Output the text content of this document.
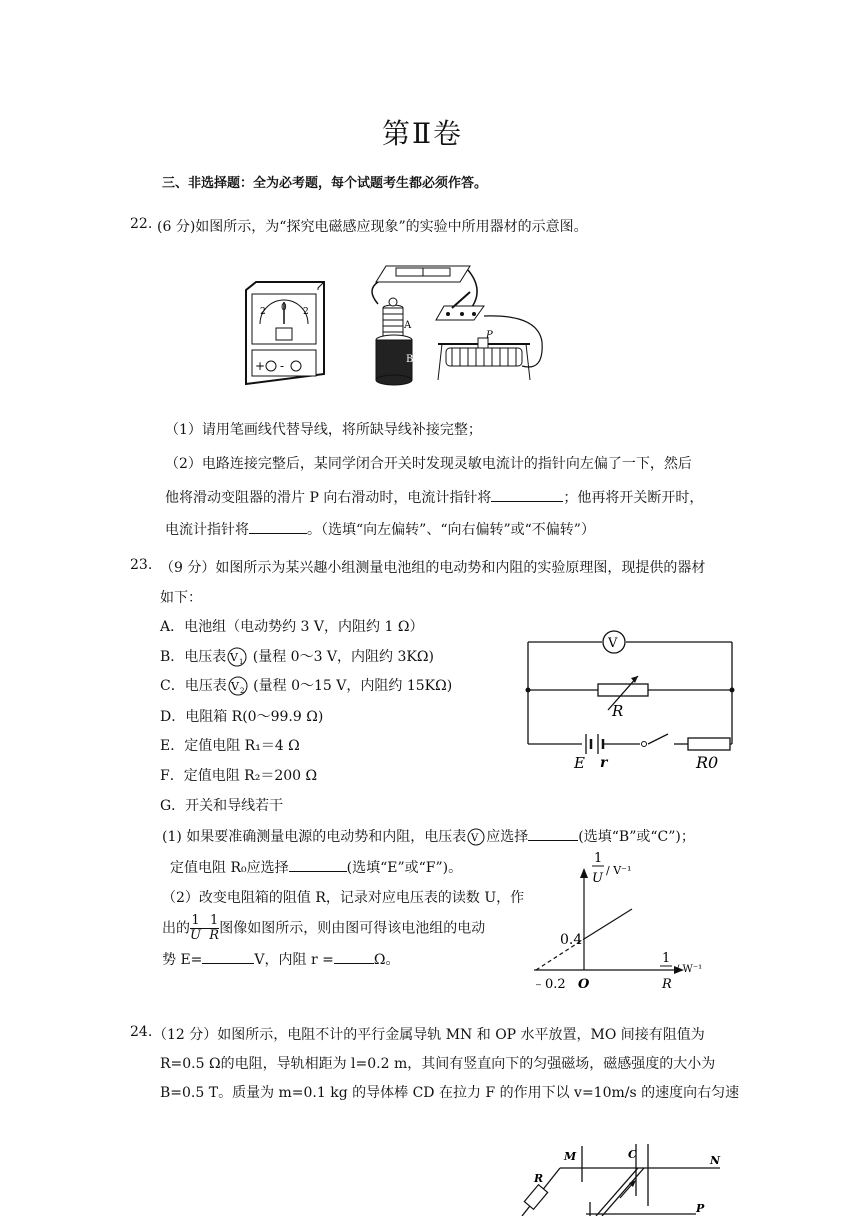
第Ⅱ卷
三、非选择题：全为必考题，每个试题考生都必须作答。
22. (6 分)如图所示，为“探究电磁感应现象”的实验中所用器材的示意图。
2 0 2
+ -
A
B
P
（1）请用笔画线代替导线，将所缺导线补接完整；
（2）电路连接完整后，某同学闭合开关时发现灵敏电流计的指针向左偏了一下，然后
他将滑动变阻器的滑片 P 向右滑动时，电流计指针将	；他再将开关断开时，
电流计指针将	。（选填“向左偏转”、“向右偏转”或“不偏转”）
23. （9 分）如图所示为某兴趣小组测量电池组的电动势和内阻的实验原理图，现提供的器材
如下：
A．电池组（电动势约 3 V，内阻约 1 Ω）
B．电压表 V 1 (量程 0～3 V，内阻约 3KΩ)
C．电压表 V 2 (量程 0～15 V，内阻约 15KΩ)
D．电阻箱 R(0～99.9 Ω)
E．定值电阻 R₁＝4 Ω
F．定值电阻 R₂＝200 Ω
G．开关和导线若干
V
R
E r	R0
(1) 如果要准确测量电源的电动势和内阻，电压表 V 应选择	(选填“B”或“C”)；
定值电阻 R₀应选择	(选填“E”或“F”)。
（2）改变电阻箱的阻值 R，记录对应电压表的读数 U，作
出的 $\frac{1}{U} \frac{1}{R}$ 图像如图所示，则由图可得该电池组的电动
势 E=	V，内阻 r =	Ω。
1
U
/ V⁻¹
1
R
/ W⁻¹
0.4
﹣0.2 O
24. （12 分）如图所示，电阻不计的平行金属导轨 MN 和 OP 水平放置，MO 间接有阻值为
R=0.5 Ω的电阻，导轨相距为 l=0.2 m，其间有竖直向下的匀强磁场，磁感强度的大小为
B=0.5 T。质量为 m=0.1 kg 的导体棒 CD 在拉力 F 的作用下以 v=10m/s 的速度向右匀速
M	C	N
R
P
